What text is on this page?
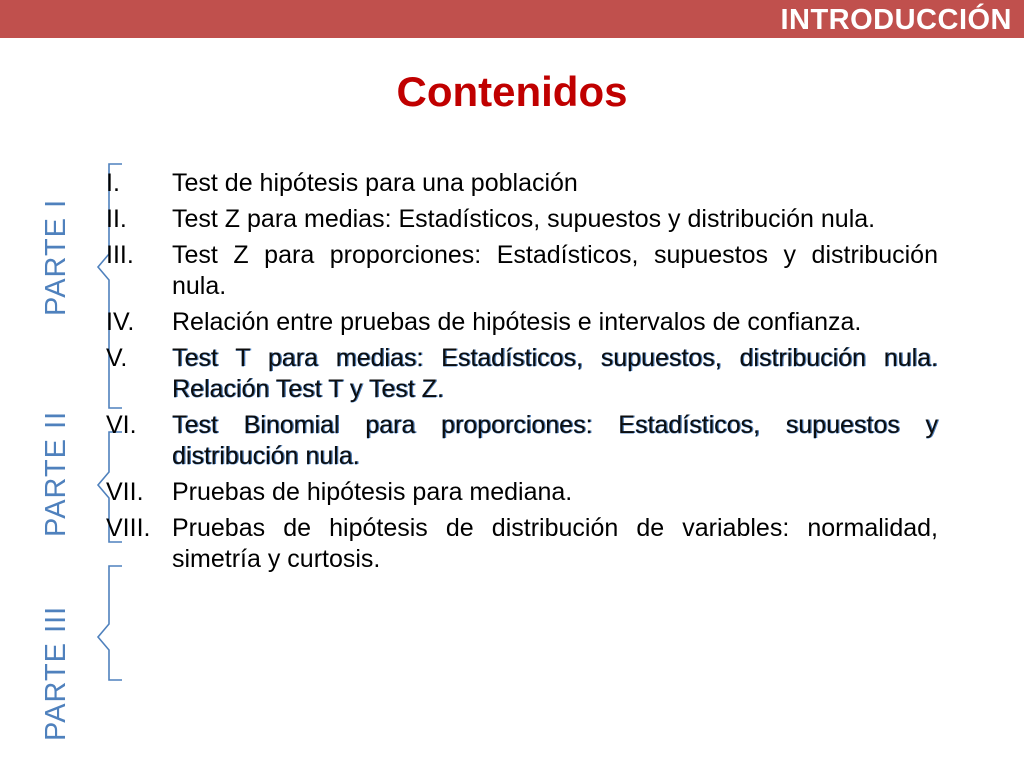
INTRODUCCIÓN
Contenidos
PARTE I
PARTE II
PARTE III
I.	Test de hipótesis para una población
II.	Test Z para medias: Estadísticos, supuestos y distribución nula.
III.	Test Z para proporciones: Estadísticos, supuestos y distribución nula.
IV.	Relación entre pruebas de hipótesis e intervalos de confianza.
V.	Test T para medias: Estadísticos, supuestos, distribución nula. Relación Test T y Test Z.
VI.	Test Binomial para proporciones: Estadísticos, supuestos y distribución nula.
VII.	Pruebas de hipótesis para mediana.
VIII. Pruebas de hipótesis de distribución de variables: normalidad, simetría y curtosis.
